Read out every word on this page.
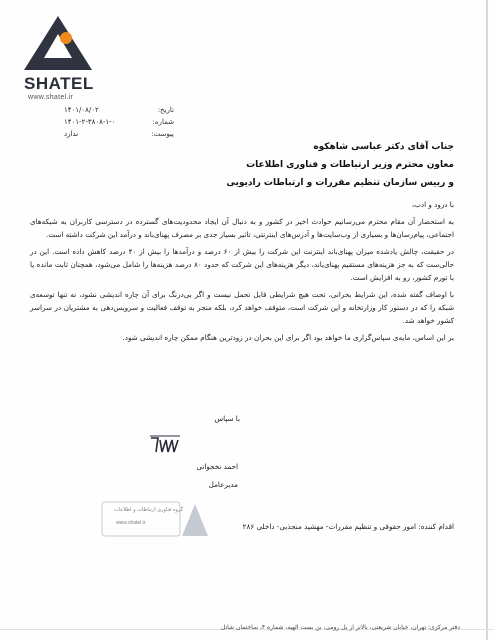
SHATEL
www.shatel.ir
تاریخ:
۱۴۰۱/۰۸/۰۲
شماره:
۱۴۰۱-۲-۳۸۰۸-۱-۰
پیوست:
ندارد
جناب آقای دکتر عباسی شاهکوه
معاون محترم وزیر ارتباطات و فناوری اطلاعات
و رییس سازمان تنظیم مقررات و ارتباطات رادیویی

با درود و ادب،

به استحضار آن مقام محترم می‌رسانیم حوادث اخیر در کشور و به دنبال آن ایجاد محدودیت‌های گسترده در دسترسی کاربران به شبکه‌های اجتماعی، پیام‌رسان‌ها و بسیاری از وب‌سایت‌ها و آدرس‌های اینترنتی، تاثیر بسیار جدی بر مصرف پهنای‌باند و درآمد این شرکت داشته است.

در حقیقت، چالش یادشده میزان پهنای‌باند اینترنت این شرکت را بیش از ۶۰ درصد و درآمدها را بیش از ۴۰ درصد کاهش داده است. این در حالی‌ست که به جز هزینه‌های مستقیم پهنای‌باند، دیگر هزینه‌های این شرکت که حدود ۸۰ درصد هزینه‌ها را شامل می‌شود، همچنان ثابت مانده یا با تورم کشور، رو به افزایش است.

با اوصاف گفته شده، این شرایط بحرانی، تحت هیچ شرایطی قابل تحمل نیست و اگر بی‌درنگ برای آن چاره اندیشی نشود، نه تنها توسعه‌ی شبکه را که در دستور کار وزارتخانه و این شرکت است، متوقف خواهد کرد، بلکه منجر به توقف فعالیت و سرویس‌دهی به مشتریان در سراسر کشور خواهد شد.

بر این اساس، مایه‌ی سپاس‌گزاری ما خواهد بود اگر برای این بحران در زودترین هنگام ممکن چاره اندیشی شود.

با سپاس
احمد نخجوانی
مدیرعامل
گروه فناوری ارتباطات و اطلاعات
www.shatel.ir	اقدام کننده: امور حقوقی و تنظیم مقررات- مهشید منجذبی- داخلی ۲۸۶
دفتر مرکزی: تهران، خیابان شریعتی، بالاتر از پل رومی، بن بست الهیه، شماره ۴، ساختمان شاتل
